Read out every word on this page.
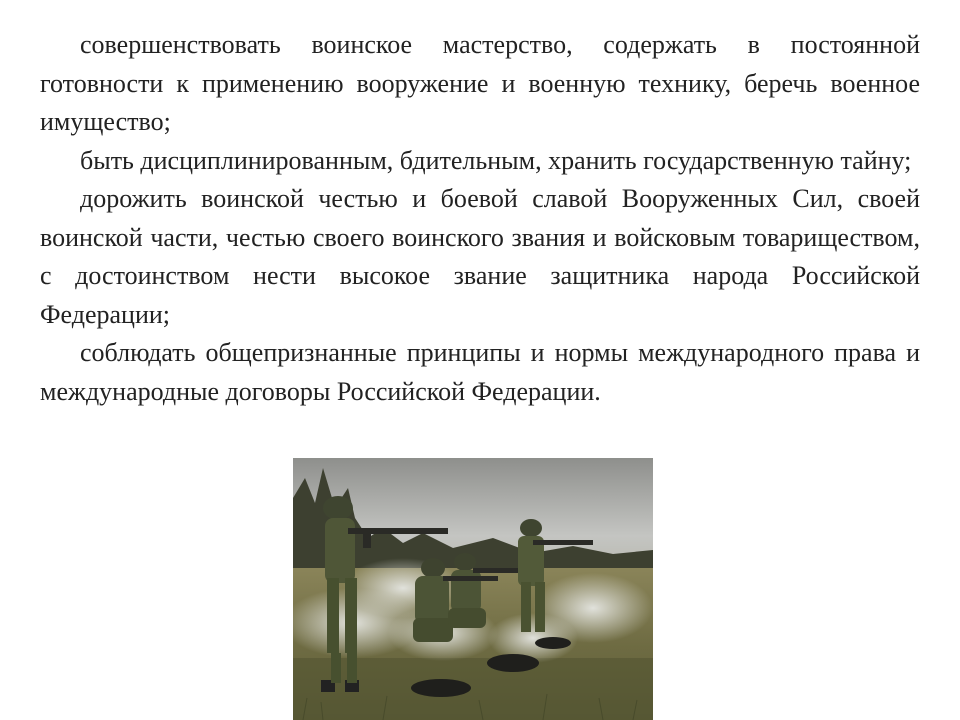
совершенствовать воинское мастерство, содержать в постоянной готовности к применению вооружение и военную технику, беречь военное имущество;

быть дисциплинированным, бдительным, хранить государственную тайну;

дорожить воинской честью и боевой славой Вооруженных Сил, своей воинской части, честью своего воинского звания и войсковым товариществом, с достоинством нести высокое звание защитника народа Российской Федерации;

соблюдать общепризнанные принципы и нормы международного права и международные договоры Российской Федерации.
